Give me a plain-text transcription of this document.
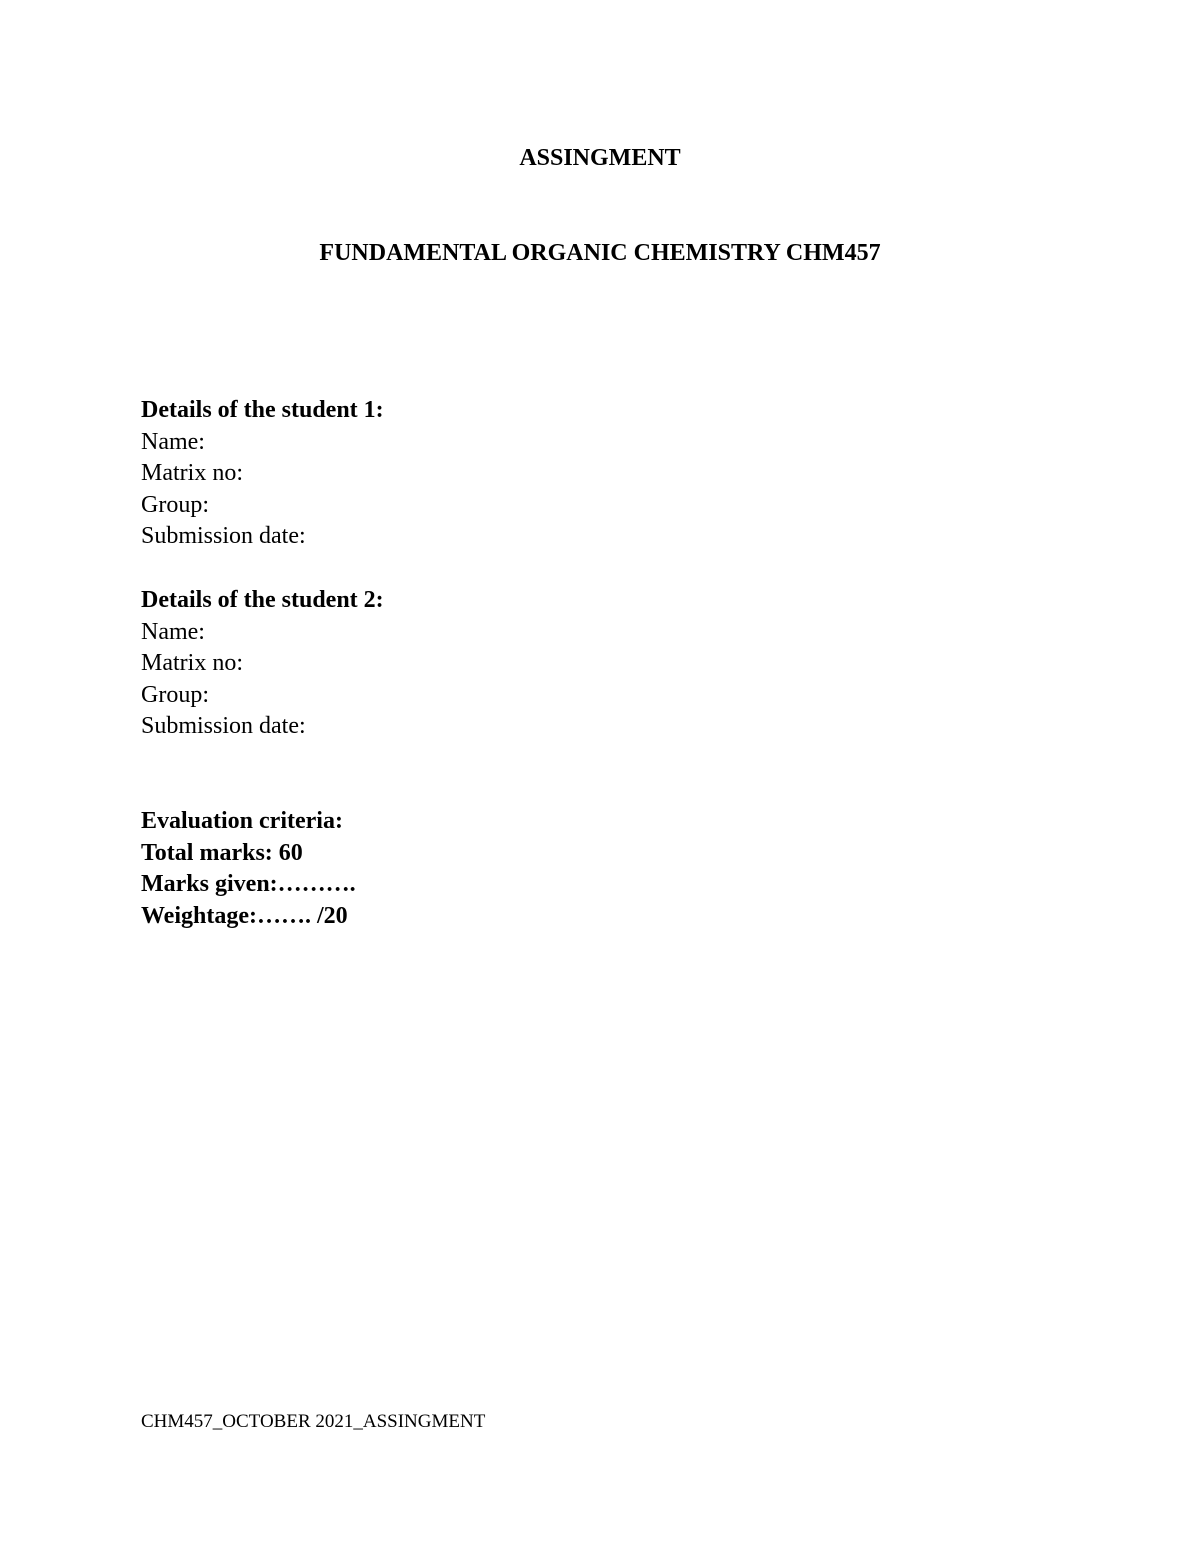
ASSINGMENT
FUNDAMENTAL ORGANIC CHEMISTRY CHM457
Details of the student 1:
Name:
Matrix no:
Group:
Submission date:
Details of the student 2:
Name:
Matrix no:
Group:
Submission date:
Evaluation criteria:
Total marks: 60
Marks given:……….
Weightage:……. /20

CHM457_OCTOBER 2021_ASSINGMENT
